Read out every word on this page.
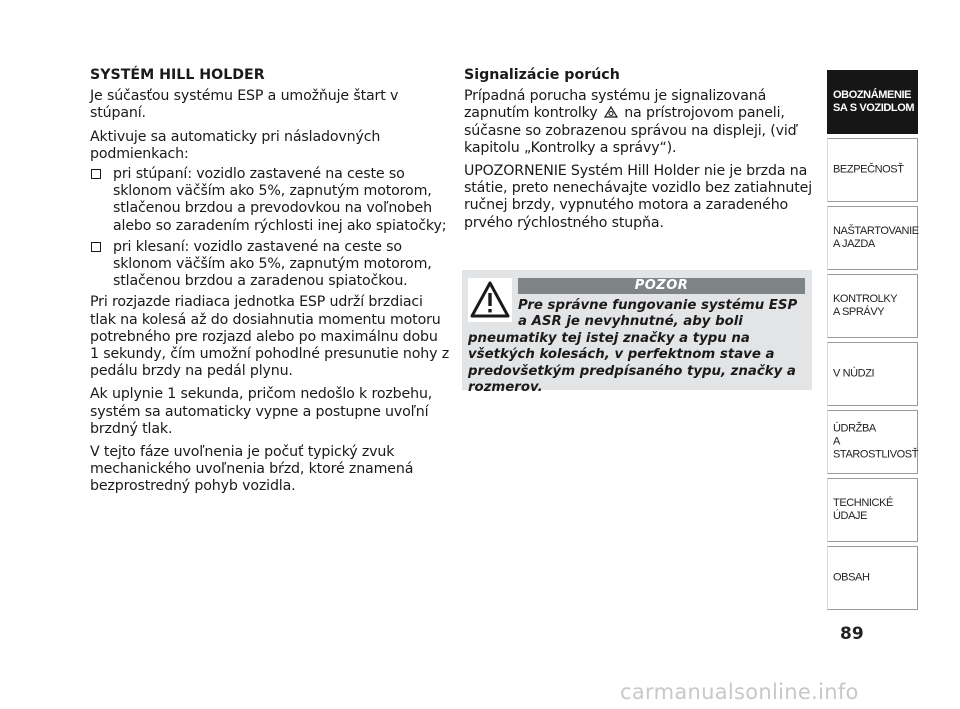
SYSTÉM HILL HOLDER

Je súčasťou systému ESP a umožňuje štart v stúpaní.

Aktivuje sa automaticky pri násladovných podmienkach:

pri stúpaní: vozidlo zastavené na ceste so sklonom väčším ako 5%, zapnutým motorom, stlačenou brzdou a prevodovkou na voľnobeh alebo so zaradením rýchlosti inej ako spiatočky;
pri klesaní: vozidlo zastavené na ceste so sklonom väčším ako 5%, zapnutým motorom, stlačenou brzdou a zaradenou spiatočkou.

Pri rozjazde riadiaca jednotka ESP udrží brzdiaci tlak na kolesá až do dosiahnutia momentu motoru potrebného pre rozjazd alebo po maximálnu dobu 1 sekundy, čím umožní pohodlné presunutie nohy z pedálu brzdy na pedál plynu.

Ak uplynie 1 sekunda, pričom nedošlo k rozbehu, systém sa automaticky vypne a postupne uvoľní brzdný tlak.

V tejto fáze uvoľnenia je počuť typický zvuk mechanického uvoľnenia bŕzd, ktoré znamená bezprostredný pohyb vozidla.

Signalizácie porúch

Prípadná porucha systému je signalizovaná zapnutím kontrolky na prístrojovom paneli, súčasne so zobrazenou správou na displeji, (viď kapitolu „Kontrolky a správy“).

UPOZORNENIE Systém Hill Holder nie je brzda na státie, preto nenechávajte vozidlo bez zatiahnutej ručnej brzdy, vypnutého motora a zaradeného prvého rýchlostného stupňa.

POZOR
Pre správne fungovanie systému ESP
a ASR je nevyhnutné, aby boli
pneumatiky tej istej značky a typu na všetkých kolesách, v perfektnom stave a predovšetkým predpísaného typu, značky a rozmerov.
OBOZNÁMENIE
SA S VOZIDLOM
BEZPEČNOSŤ
NAŠTARTOVANIE
A JAZDA
KONTROLKY
A SPRÁVY
V NÚDZI
ÚDRŽBA
A STAROSTLIVOSŤ
TECHNICKÉ
ÚDAJE
OBSAH
89
carmanualsonline.info
